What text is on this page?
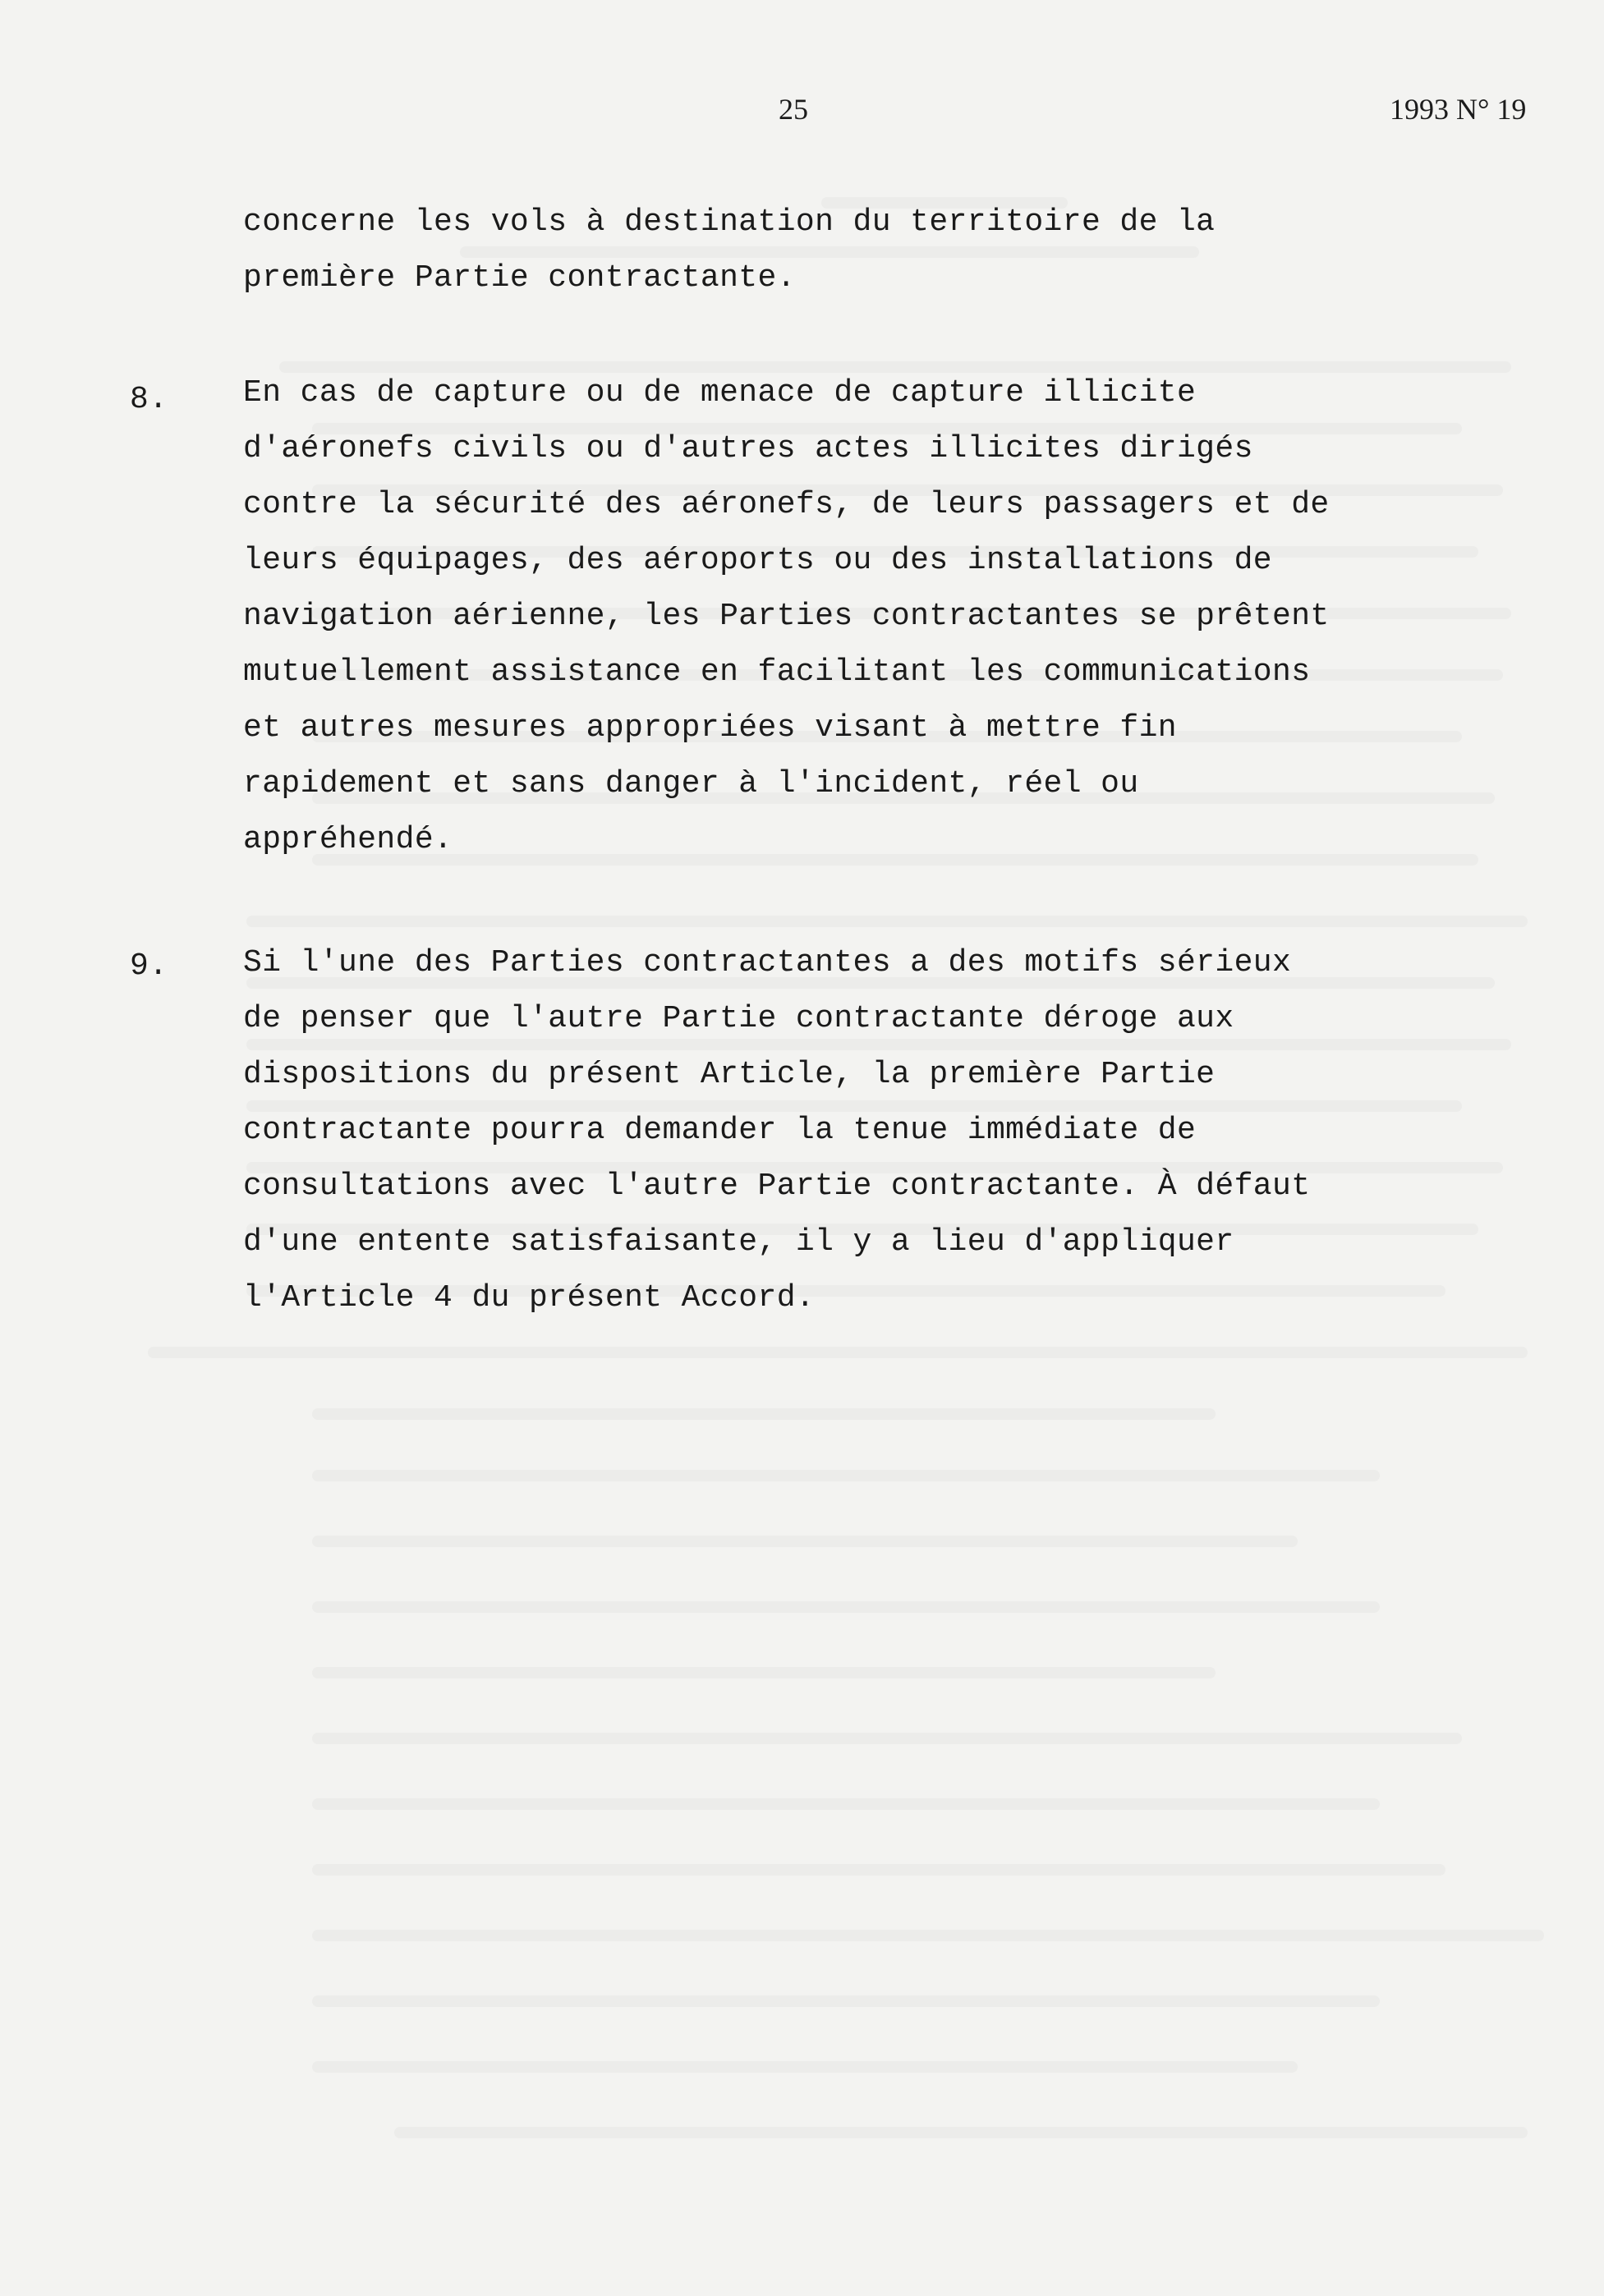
25	1993 N° 19
concerne les vols à destination du territoire de la
première Partie contractante.
8. En cas de capture ou de menace de capture illicite
d'aéronefs civils ou d'autres actes illicites dirigés
contre la sécurité des aéronefs, de leurs passagers et de
leurs équipages, des aéroports ou des installations de
navigation aérienne, les Parties contractantes se prêtent
mutuellement assistance en facilitant les communications
et autres mesures appropriées visant à mettre fin
rapidement et sans danger à l'incident, réel ou
appréhendé.
9. Si l'une des Parties contractantes a des motifs sérieux
de penser que l'autre Partie contractante déroge aux
dispositions du présent Article, la première Partie
contractante pourra demander la tenue immédiate de
consultations avec l'autre Partie contractante. À défaut
d'une entente satisfaisante, il y a lieu d'appliquer
l'Article 4 du présent Accord.
